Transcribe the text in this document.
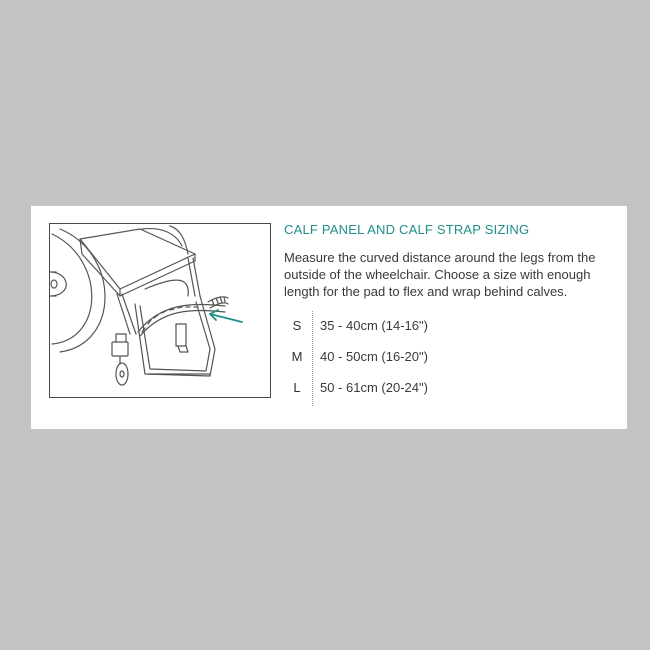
CALF PANEL AND CALF STRAP SIZING

Measure the curved distance around the legs from the outside of the wheelchair. Choose a size with enough length for the pad to flex and wrap behind calves.

S	35 - 40cm (14-16")
M	40 - 50cm (16-20")
L	50 - 61cm (20-24")
